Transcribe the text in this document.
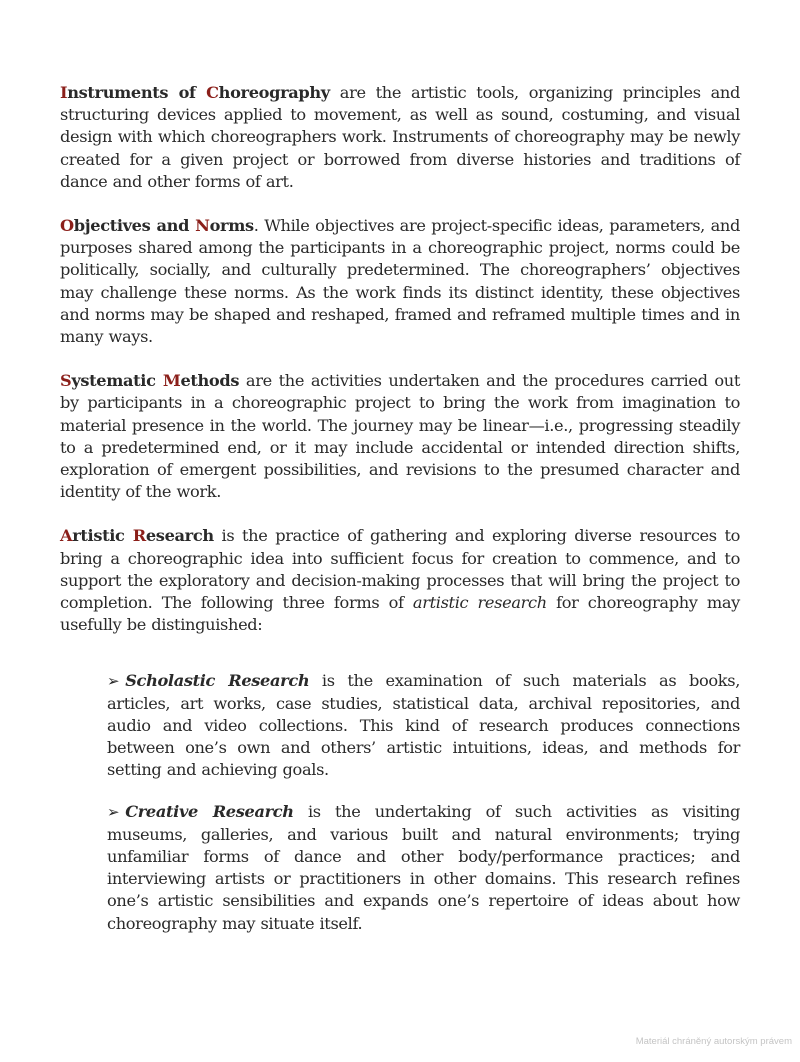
Instruments of Choreography are the artistic tools, organizing principles and structuring devices applied to movement, as well as sound, costuming, and visual design with which choreographers work. Instruments of choreography may be newly created for a given project or borrowed from diverse histories and traditions of dance and other forms of art.

Objectives and Norms. While objectives are project-specific ideas, parameters, and purposes shared among the participants in a choreographic project, norms could be politically, socially, and culturally predetermined. The choreographers’ objectives may challenge these norms. As the work finds its distinct identity, these objectives and norms may be shaped and reshaped, framed and reframed multiple times and in many ways.

Systematic Methods are the activities undertaken and the procedures carried out by participants in a choreographic project to bring the work from imagination to material presence in the world. The journey may be linear—i.e., progressing steadily to a predetermined end, or it may include accidental or intended direction shifts, exploration of emergent possibilities, and revisions to the presumed character and identity of the work.

Artistic Research is the practice of gathering and exploring diverse resources to bring a choreographic idea into sufficient focus for creation to commence, and to support the exploratory and decision-making processes that will bring the project to completion. The following three forms of artistic research for choreography may usefully be distinguished:

➢ Scholastic Research is the examination of such materials as books, articles, art works, case studies, statistical data, archival repositories, and audio and video collections. This kind of research produces connections between one’s own and others’ artistic intuitions, ideas, and methods for setting and achieving goals.

➢ Creative Research is the undertaking of such activities as visiting museums, galleries, and various built and natural environments; trying unfamiliar forms of dance and other body/performance practices; and interviewing artists or practitioners in other domains. This research refines one’s artistic sensibilities and expands one’s repertoire of ideas about how choreography may situate itself.

Materiál chráněný autorským právem
